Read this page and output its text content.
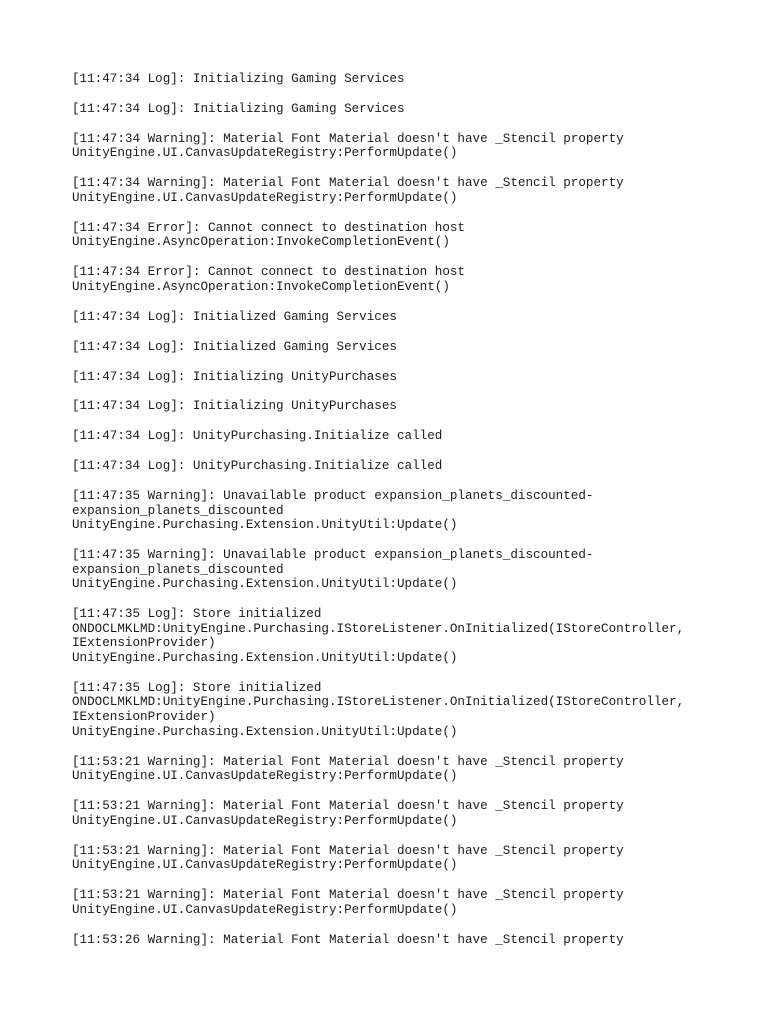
[11:47:34 Log]: Initializing Gaming Services
[11:47:34 Log]: Initializing Gaming Services
[11:47:34 Warning]: Material Font Material doesn't have _Stencil property
UnityEngine.UI.CanvasUpdateRegistry:PerformUpdate()
[11:47:34 Warning]: Material Font Material doesn't have _Stencil property
UnityEngine.UI.CanvasUpdateRegistry:PerformUpdate()
[11:47:34 Error]: Cannot connect to destination host
UnityEngine.AsyncOperation:InvokeCompletionEvent()
[11:47:34 Error]: Cannot connect to destination host
UnityEngine.AsyncOperation:InvokeCompletionEvent()
[11:47:34 Log]: Initialized Gaming Services
[11:47:34 Log]: Initialized Gaming Services
[11:47:34 Log]: Initializing UnityPurchases
[11:47:34 Log]: Initializing UnityPurchases
[11:47:34 Log]: UnityPurchasing.Initialize called
[11:47:34 Log]: UnityPurchasing.Initialize called
[11:47:35 Warning]: Unavailable product expansion_planets_discounted-
expansion_planets_discounted
UnityEngine.Purchasing.Extension.UnityUtil:Update()
[11:47:35 Warning]: Unavailable product expansion_planets_discounted-
expansion_planets_discounted
UnityEngine.Purchasing.Extension.UnityUtil:Update()
[11:47:35 Log]: Store initialized
ONDOCLMKLMD:UnityEngine.Purchasing.IStoreListener.OnInitialized(IStoreController,
IExtensionProvider)
UnityEngine.Purchasing.Extension.UnityUtil:Update()
[11:47:35 Log]: Store initialized
ONDOCLMKLMD:UnityEngine.Purchasing.IStoreListener.OnInitialized(IStoreController,
IExtensionProvider)
UnityEngine.Purchasing.Extension.UnityUtil:Update()
[11:53:21 Warning]: Material Font Material doesn't have _Stencil property
UnityEngine.UI.CanvasUpdateRegistry:PerformUpdate()
[11:53:21 Warning]: Material Font Material doesn't have _Stencil property
UnityEngine.UI.CanvasUpdateRegistry:PerformUpdate()
[11:53:21 Warning]: Material Font Material doesn't have _Stencil property
UnityEngine.UI.CanvasUpdateRegistry:PerformUpdate()
[11:53:21 Warning]: Material Font Material doesn't have _Stencil property
UnityEngine.UI.CanvasUpdateRegistry:PerformUpdate()
[11:53:26 Warning]: Material Font Material doesn't have _Stencil property
